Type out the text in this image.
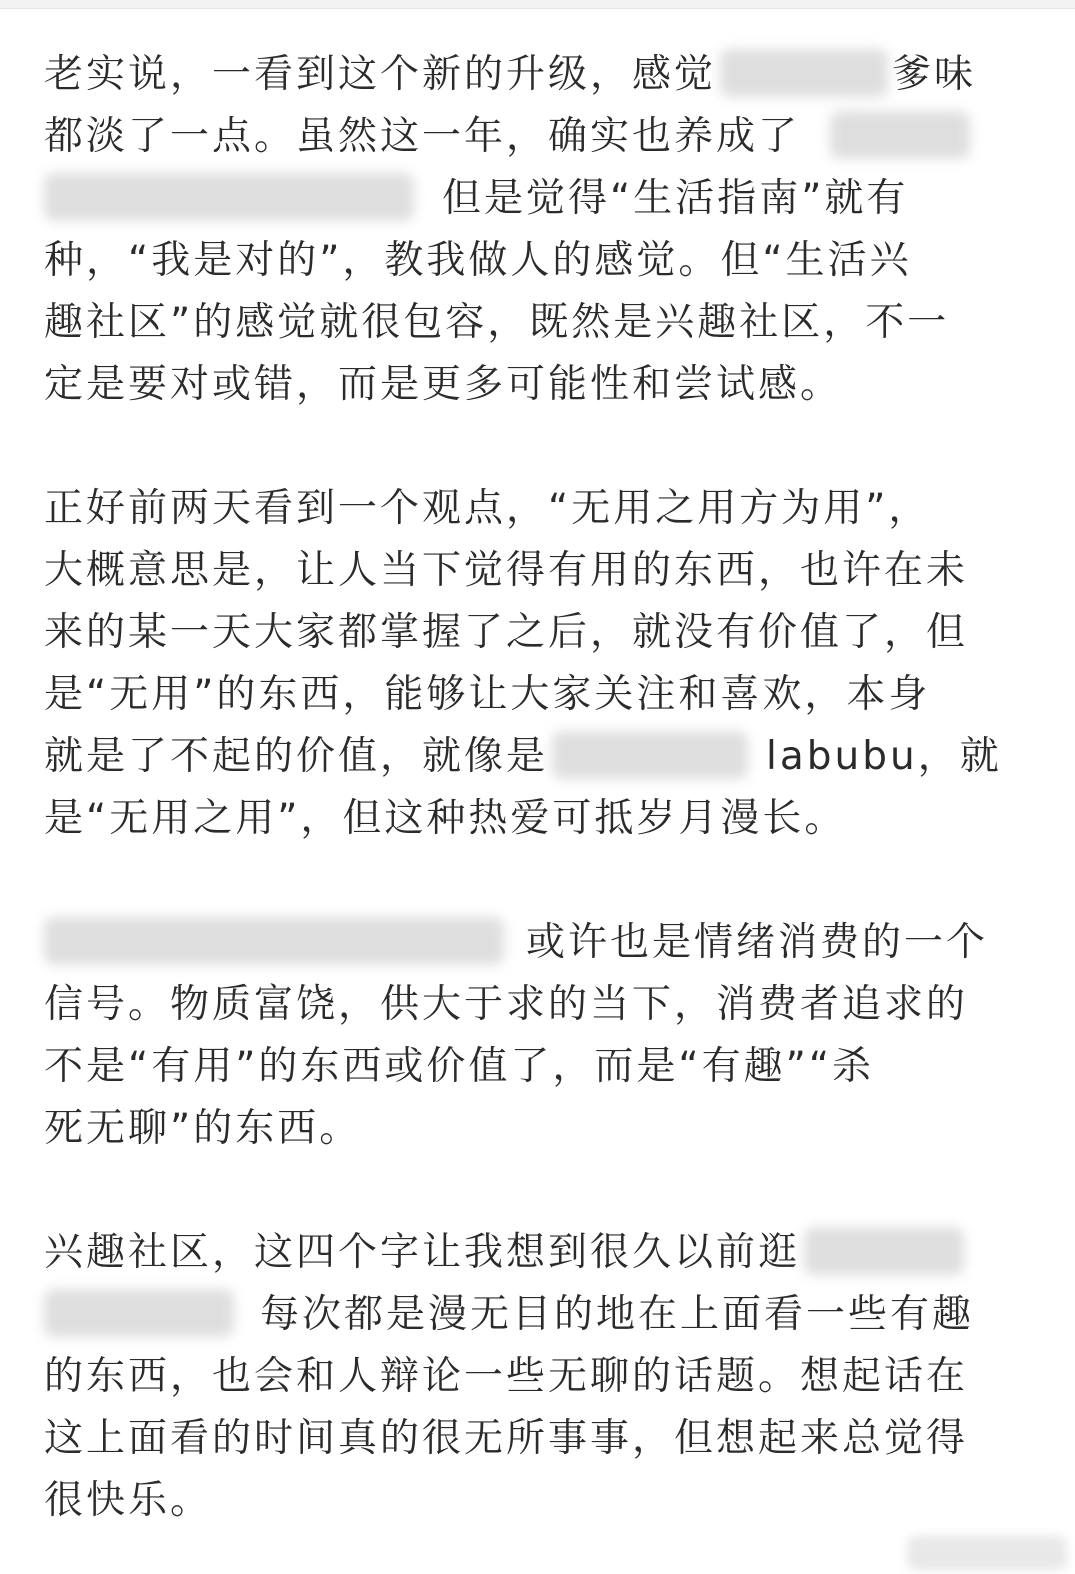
老实说，一看到这个新的升级，感觉	爹味
都淡了一点。虽然这一年，确实也养成了
但是觉得“生活指南”就有
种，“我是对的”，教我做人的感觉。但“生活兴
趣社区”的感觉就很包容，既然是兴趣社区，不一
定是要对或错，而是更多可能性和尝试感。
正好前两天看到一个观点，“无用之用方为用”，
大概意思是，让人当下觉得有用的东西，也许在未
来的某一天大家都掌握了之后，就没有价值了，但
是“无用”的东西，能够让大家关注和喜欢，本身
就是了不起的价值，就像是	labubu，就
是“无用之用”，但这种热爱可抵岁月漫长。
或许也是情绪消费的一个
信号。物质富饶，供大于求的当下，消费者追求的
不是“有用”的东西或价值了，而是“有趣”“杀
死无聊”的东西。
兴趣社区，这四个字让我想到很久以前逛
每次都是漫无目的地在上面看一些有趣
的东西，也会和人辩论一些无聊的话题。想起话在
这上面看的时间真的很无所事事，但想起来总觉得
很快乐。
